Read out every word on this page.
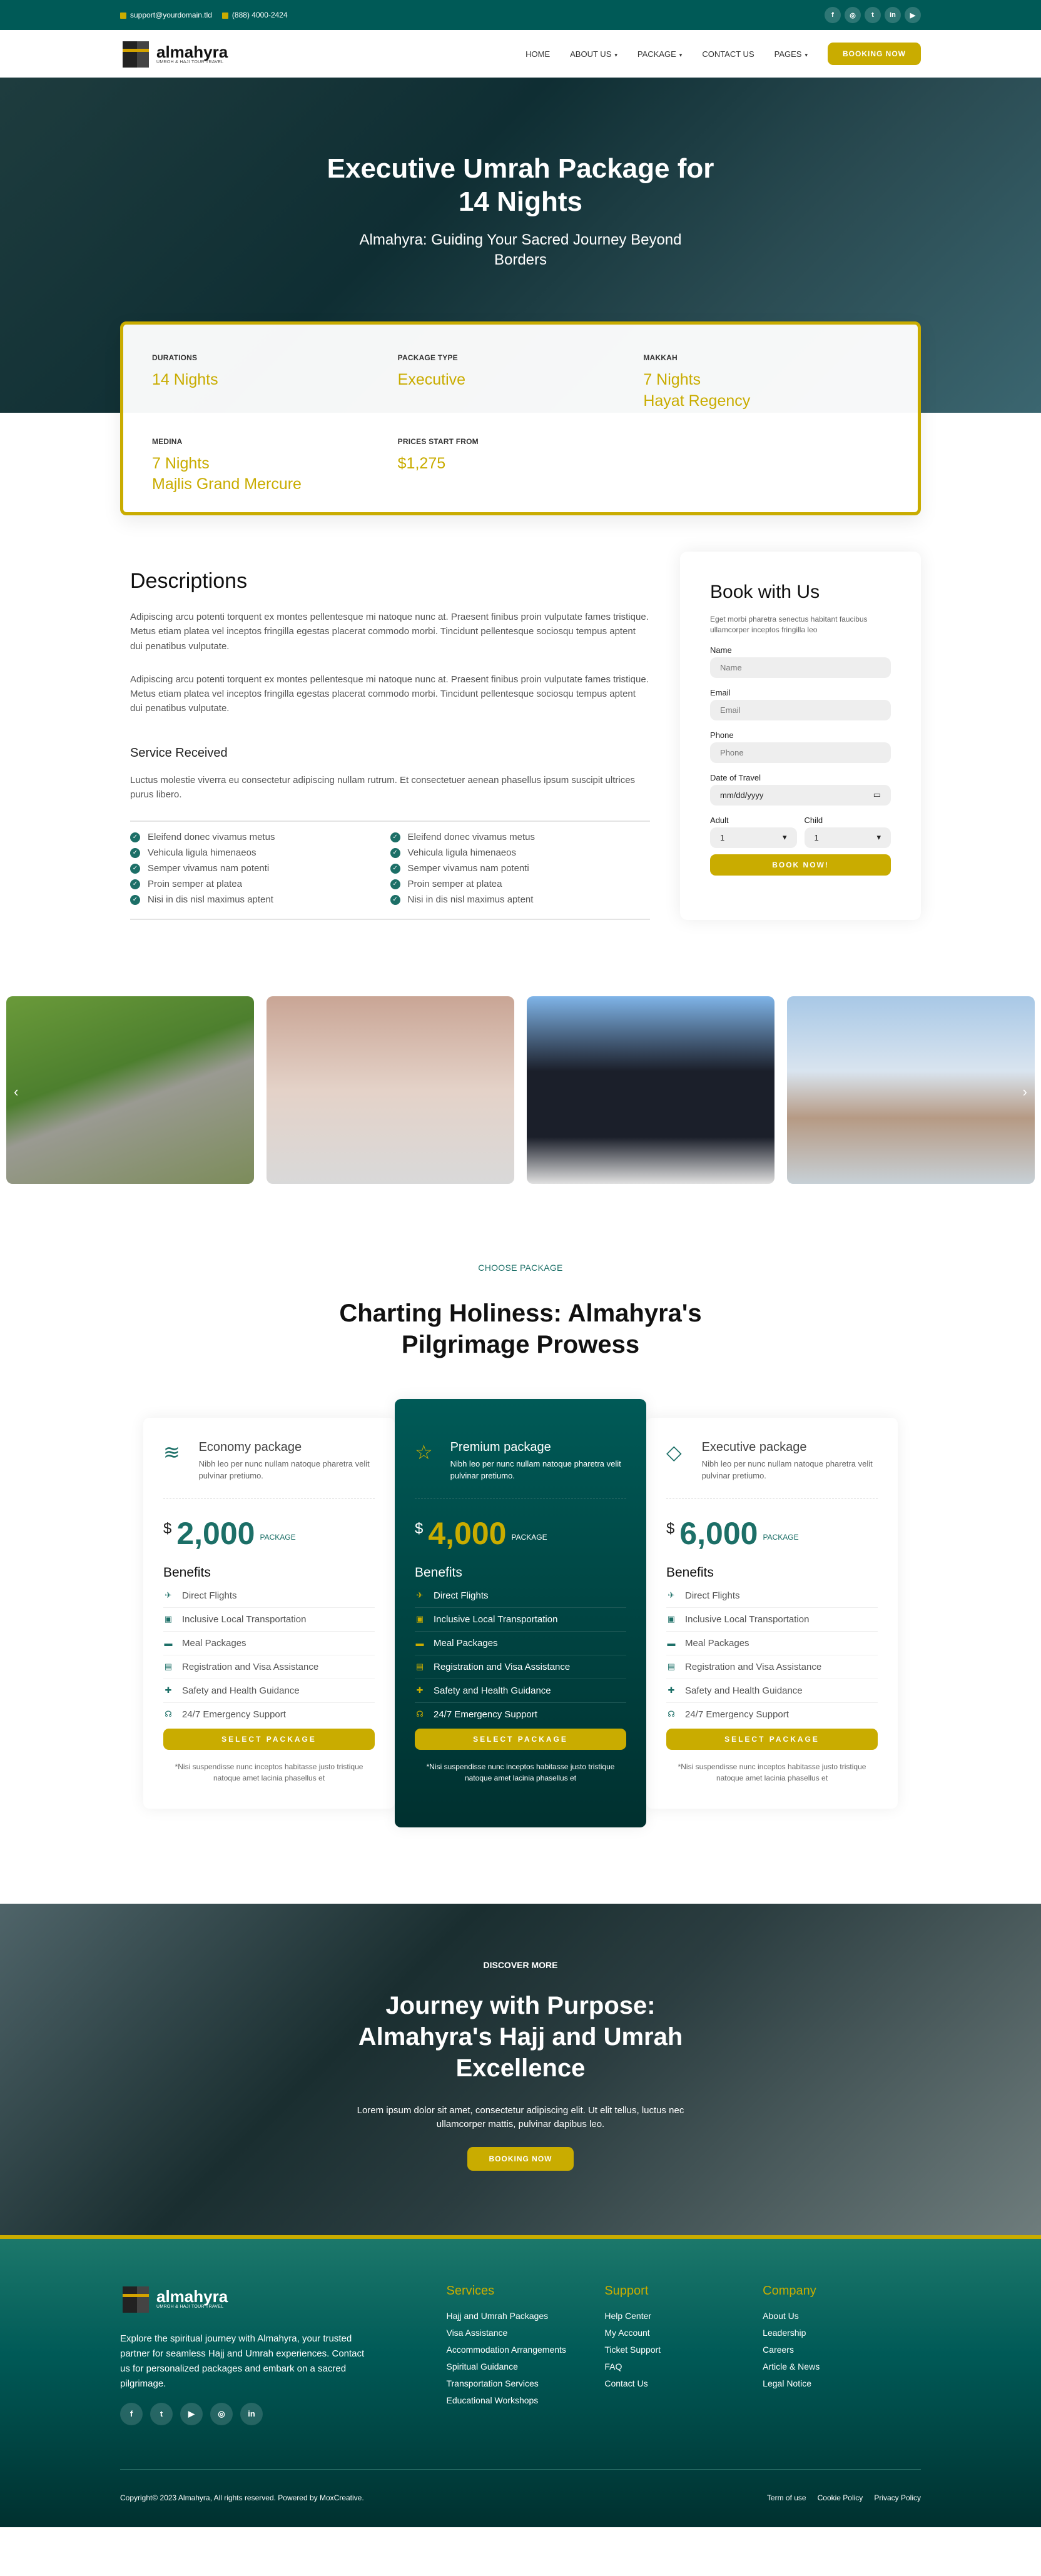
support@yourdomain.tld	(888) 4000-2424	f	◎	t	in	▶
almahyra
UMROH & HAJI TOUR TRAVEL
HOME ABOUT US ▾ PACKAGE ▾ CONTACT US PAGES ▾	BOOKING NOW
Executive Umrah Package for 14 Nights

Almahyra: Guiding Your Sacred Journey Beyond Borders

DURATIONS
14 Nights
PACKAGE TYPE
Executive
MAKKAH
7 Nights
Hayat Regency
MEDINA
7 Nights
Majlis Grand Mercure
PRICES START FROM
$1,275
Descriptions

Adipiscing arcu potenti torquent ex montes pellentesque mi natoque nunc at. Praesent finibus proin vulputate fames tristique. Metus etiam platea vel inceptos fringilla egestas placerat commodo morbi. Tincidunt pellentesque sociosqu tempus aptent dui penatibus vulputate.

Adipiscing arcu potenti torquent ex montes pellentesque mi natoque nunc at. Praesent finibus proin vulputate fames tristique. Metus etiam platea vel inceptos fringilla egestas placerat commodo morbi. Tincidunt pellentesque sociosqu tempus aptent dui penatibus vulputate.

Service Received

Luctus molestie viverra eu consectetur adipiscing nullam rutrum. Et consectetuer aenean phasellus ipsum suscipit ultrices purus libero.

✓ Eleifend donec vivamus metus	✓ Eleifend donec vivamus metus
✓ Vehicula ligula himenaeos	✓ Vehicula ligula himenaeos
✓ Semper vivamus nam potenti	✓ Semper vivamus nam potenti
✓ Proin semper at platea	✓ Proin semper at platea
✓ Nisi in dis nisl maximus aptent	✓ Nisi in dis nisl maximus aptent
Book with Us
Eget morbi pharetra senectus habitant faucibus ullamcorper inceptos fringilla leo
Name
Name
Email
Email
Phone
Phone
Date of Travel
mm/dd/yyyy	▭
Adult
1	▾
Child
1	▾
BOOK NOW!
‹	›
CHOOSE PACKAGE
Charting Holiness: Almahyra's Pilgrimage Prowess
≋ Economy package
Nibh leo per nunc nullam natoque pharetra velit pulvinar pretiumo.
$ 2,000 PACKAGE
Benefits
✈ Direct Flights
▣ Inclusive Local Transportation
▬ Meal Packages
▤ Registration and Visa Assistance
✚ Safety and Health Guidance
☊ 24/7 Emergency Support
SELECT PACKAGE
*Nisi suspendisse nunc inceptos habitasse justo tristique natoque amet lacinia phasellus et
☆ Premium package
Nibh leo per nunc nullam natoque pharetra velit pulvinar pretiumo.
$ 4,000 PACKAGE
Benefits
✈ Direct Flights
▣ Inclusive Local Transportation
▬ Meal Packages
▤ Registration and Visa Assistance
✚ Safety and Health Guidance
☊ 24/7 Emergency Support
SELECT PACKAGE
*Nisi suspendisse nunc inceptos habitasse justo tristique natoque amet lacinia phasellus et
◇	Executive package
Nibh leo per nunc nullam natoque pharetra velit pulvinar pretiumo.
$ 6,000 PACKAGE
Benefits
✈ Direct Flights
▣ Inclusive Local Transportation
▬ Meal Packages
▤ Registration and Visa Assistance
✚ Safety and Health Guidance
☊ 24/7 Emergency Support
SELECT PACKAGE
*Nisi suspendisse nunc inceptos habitasse justo tristique natoque amet lacinia phasellus et
DISCOVER MORE
Journey with Purpose: Almahyra's Hajj and Umrah Excellence

Lorem ipsum dolor sit amet, consectetur adipiscing elit. Ut elit tellus, luctus nec ullamcorper mattis, pulvinar dapibus leo.

BOOKING NOW
almahyra
UMROH & HAJI TOUR TRAVEL

Explore the spiritual journey with Almahyra, your trusted partner for seamless Hajj and Umrah experiences. Contact us for personalized packages and embark on a sacred pilgrimage.

f	t	▶	◎	in
Services
Hajj and Umrah Packages
Visa Assistance
Accommodation Arrangements
Spiritual Guidance
Transportation Services
Educational Workshops
Support
Help Center
My Account
Ticket Support
FAQ
Contact Us
Company
About Us
Leadership
Careers
Article & News
Legal Notice
Copyright© 2023 Almahyra, All rights reserved. Powered by MoxCreative.	Term of use Cookie Policy Privacy Policy
